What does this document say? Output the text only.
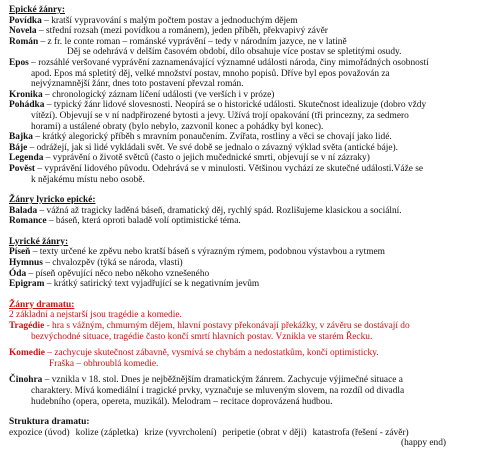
Epické žánry:
Povídka – kratší vypravování s malým počtem postav a jednoduchým dějem
Novela – střední rozsah (mezi povídkou a románem), jeden příběh, překvapivý závěr
Román – z fr. le conte roman – románské vyprávění – tedy v národním jazyce, ne v latině
Děj se odehrává v delším časovém období, dílo obsahuje více postav se spletitými osudy.
Epos – rozsáhlé veršované vyprávění zaznamenávající významné události národa, činy mimořádných osobností
apod. Epos má spletitý děj, velké množství postav, mnoho popisů. Dříve byl epos považován za
nejvýznamnější žánr, dnes toto postavení převzal román.
Kronika – chronologický záznam líčení události (ve verších i v próze)
Pohádka – typický žánr lidové slovesnosti. Neopírá se o historické události. Skutečnost idealizuje (dobro vždy
vítězí). Objevují se v ní nadpřirozené bytosti a jevy. Užívá trojí opakování (tři princezny, za sedmero
horami) a ustálené obraty (bylo nebylo, zazvonil konec a pohádky byl konec).
Bajka – krátký alegorický příběh s mravním ponaučením. Zvířata, rostliny a věci se chovají jako lidé.
Báje – odrážejí, jak si lidé vykládali svět. Ve své době se jednalo o závazný výklad světa (antické báje).
Legenda – vyprávění o životě světců (často o jejich mučednické smrti, objevují se v ní zázraky)
Pověst – vyprávění lidového původu. Odehrává se v minulosti. Většinou vychází ze skutečné události.Váže se
k nějakému místu nebo osobě.
Žánry lyricko epické:
Balada – vážná až tragicky laděná báseň, dramatický děj, rychlý spád. Rozlišujeme klasickou a sociální.
Romance – báseň, která oproti baladě volí optimistické téma.
Lyrické žánry:
Píseň – texty určené ke zpěvu nebo kratší báseň s výrazným rýmem, podobnou výstavbou a rytmem
Hymnus – chvalozpěv (týká se národa, vlasti)
Óda – píseň opěvující něco nebo někoho vznešeného
Epigram – krátký satirický text vyjadřující se k negativním jevům
Žánry dramatu:
2 základní a nejstarší jsou tragédie a komedie.
Tragédie - hra s vážným, chmurným dějem, hlavní postavy překonávají překážky, v závěru se dostávají do
bezvýchodné situace, tragédie často končí smrtí hlavních postav. Vznikla ve starém Řecku.
Komedie – zachycuje skutečnost zábavně, vysmívá se chybám a nedostatkům, končí optimisticky.
Fraška – obhroublá komedie.
Činohra – vznikla v 18. stol. Dnes je nejběžnějším dramatickým žánrem. Zachycuje výjimečné situace a
charaktery. Mívá komediální i tragické prvky, vyznačuje se mluveným slovem, na rozdíl od divadla
hudebního (opera, opereta, muzikál). Melodram – recitace doprovázená hudbou.
Struktura dramatu:
expozice (úvod) kolize (zápletka) krize (vyvrcholení) peripetie (obrat v ději) katastrofa (řešení - závěr)
(happy end)
